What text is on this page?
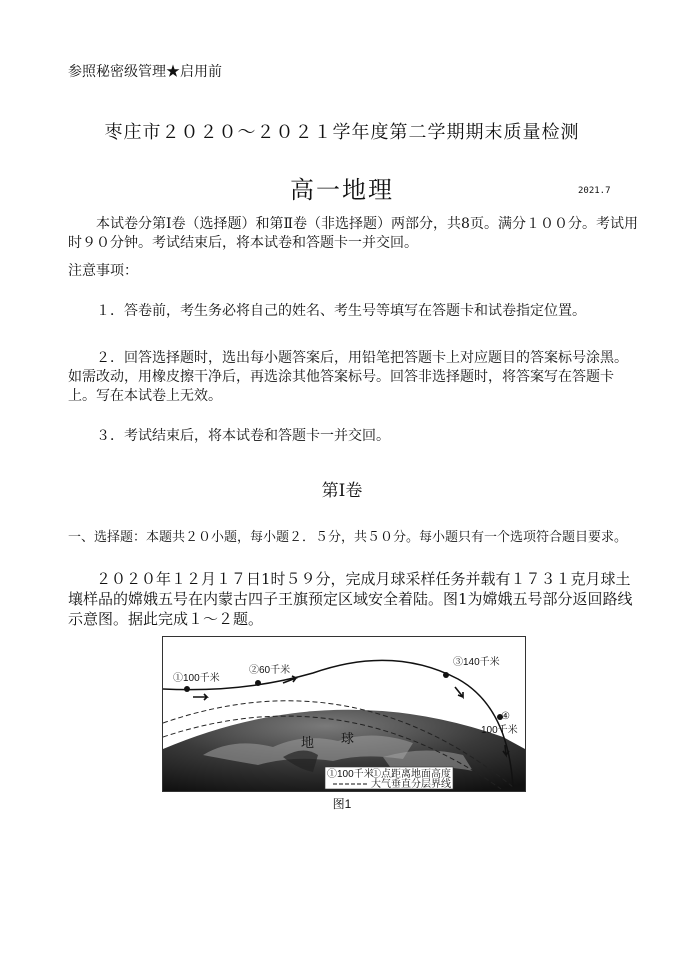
参照秘密级管理★启用前
枣庄市２０２０～２０２１学年度第二学期期末质量检测
高一地理	2021.7
本试卷分第Ⅰ卷（选择题）和第Ⅱ卷（非选择题）两部分，共8页。满分１００分。考试用时９０分钟。考试结束后，将本试卷和答题卡一并交回。
注意事项：
１．答卷前，考生务必将自己的姓名、考生号等填写在答题卡和试卷指定位置。
２．回答选择题时，选出每小题答案后，用铅笔把答题卡上对应题目的答案标号涂黑。如需改动，用橡皮擦干净后，再选涂其他答案标号。回答非选择题时，将答案写在答题卡上。写在本试卷上无效。
３．考试结束后，将本试卷和答题卡一并交回。
第Ⅰ卷
一、选择题：本题共２０小题，每小题２．５分，共５０分。每小题只有一个选项符合题目要求。
２０２０年１２月１７日1时５９分，完成月球采样任务并载有１７３１克月球土壤样品的嫦娥五号在内蒙古四子王旗预定区域安全着陆。图1为嫦娥五号部分返回路线示意图。据此完成１～２题。
①100千米
②60千米
③140千米
④
100千米
地 球
①100千米
①点距离地面高度
大气垂直分层界线
图1
